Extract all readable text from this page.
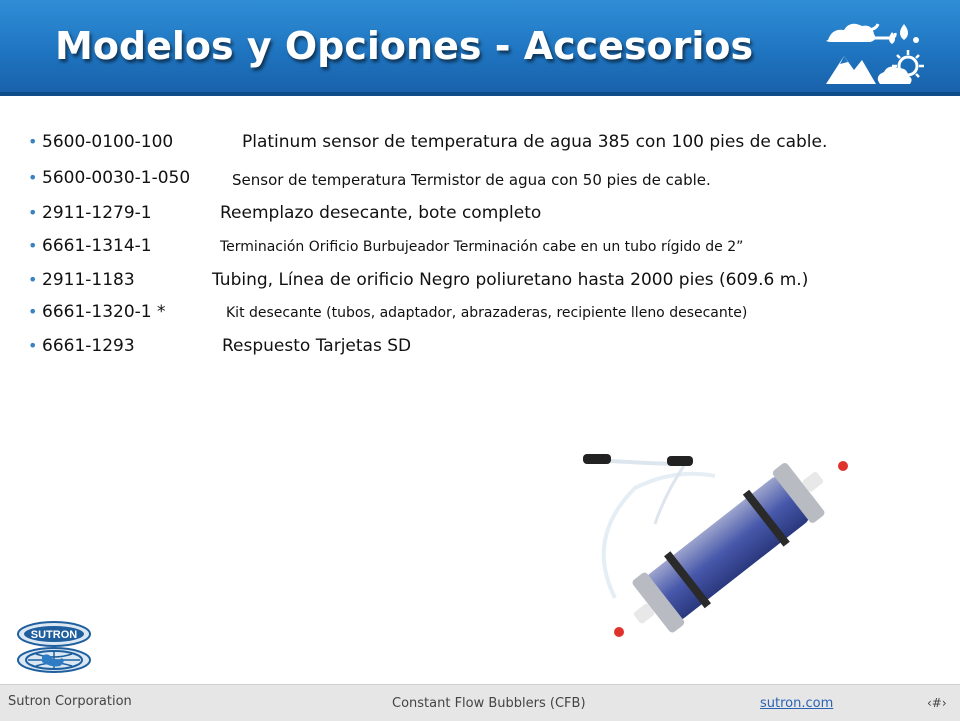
Modelos y Opciones - Accesorios
• 5600-0100-100	Platinum sensor de temperatura de agua 385 con 100 pies de cable.
• 5600-0030-1-050	Sensor de temperatura Termistor de agua con 50 pies de cable.
• 2911-1279-1	Reemplazo desecante, bote completo
• 6661-1314-1	Terminación Orificio Burbujeador Terminación cabe en un tubo rígido de 2”
• 2911-1183	Tubing, Línea de orificio Negro poliuretano hasta 2000 pies (609.6 m.)
• 6661-1320-1 *	Kit desecante (tubos, adaptador, abrazaderas, recipiente lleno desecante)
• 6661-1293	Respuesto Tarjetas SD
SUTRON
Sutron Corporation	Constant Flow Bubblers (CFB)	sutron.com	‹#›
